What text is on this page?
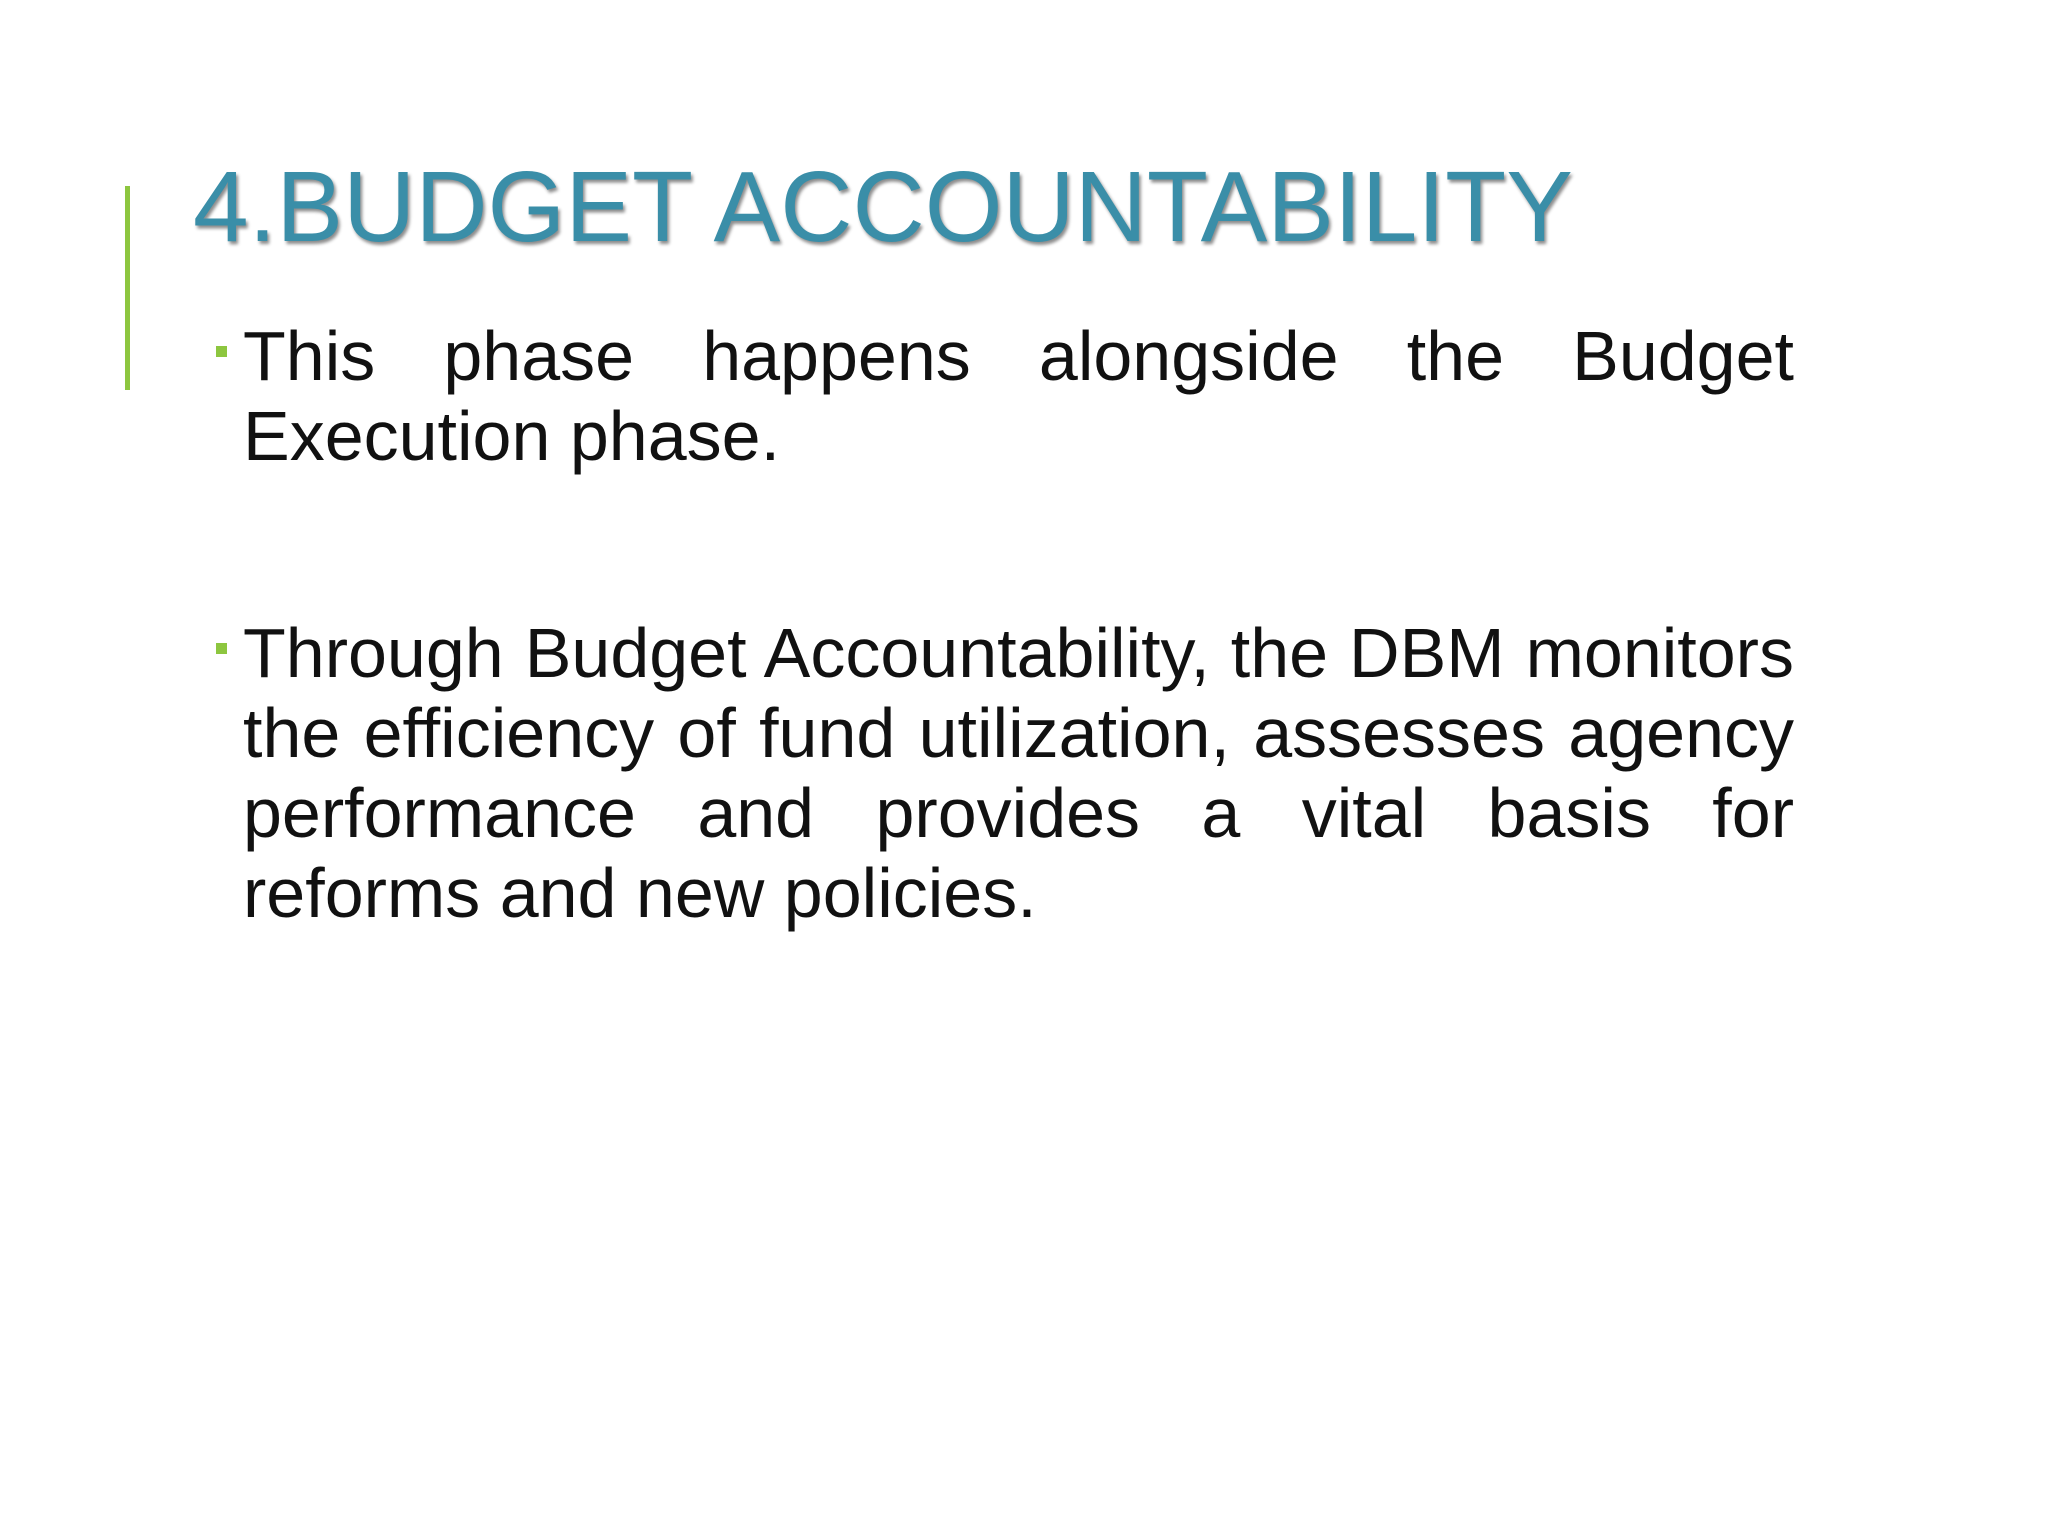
4.BUDGET ACCOUNTABILITY
This phase happens alongside the Budget Execution phase.
Through Budget Accountability, the DBM monitors the efficiency of fund utilization, assesses agency performance and provides a vital basis for reforms and new policies.
